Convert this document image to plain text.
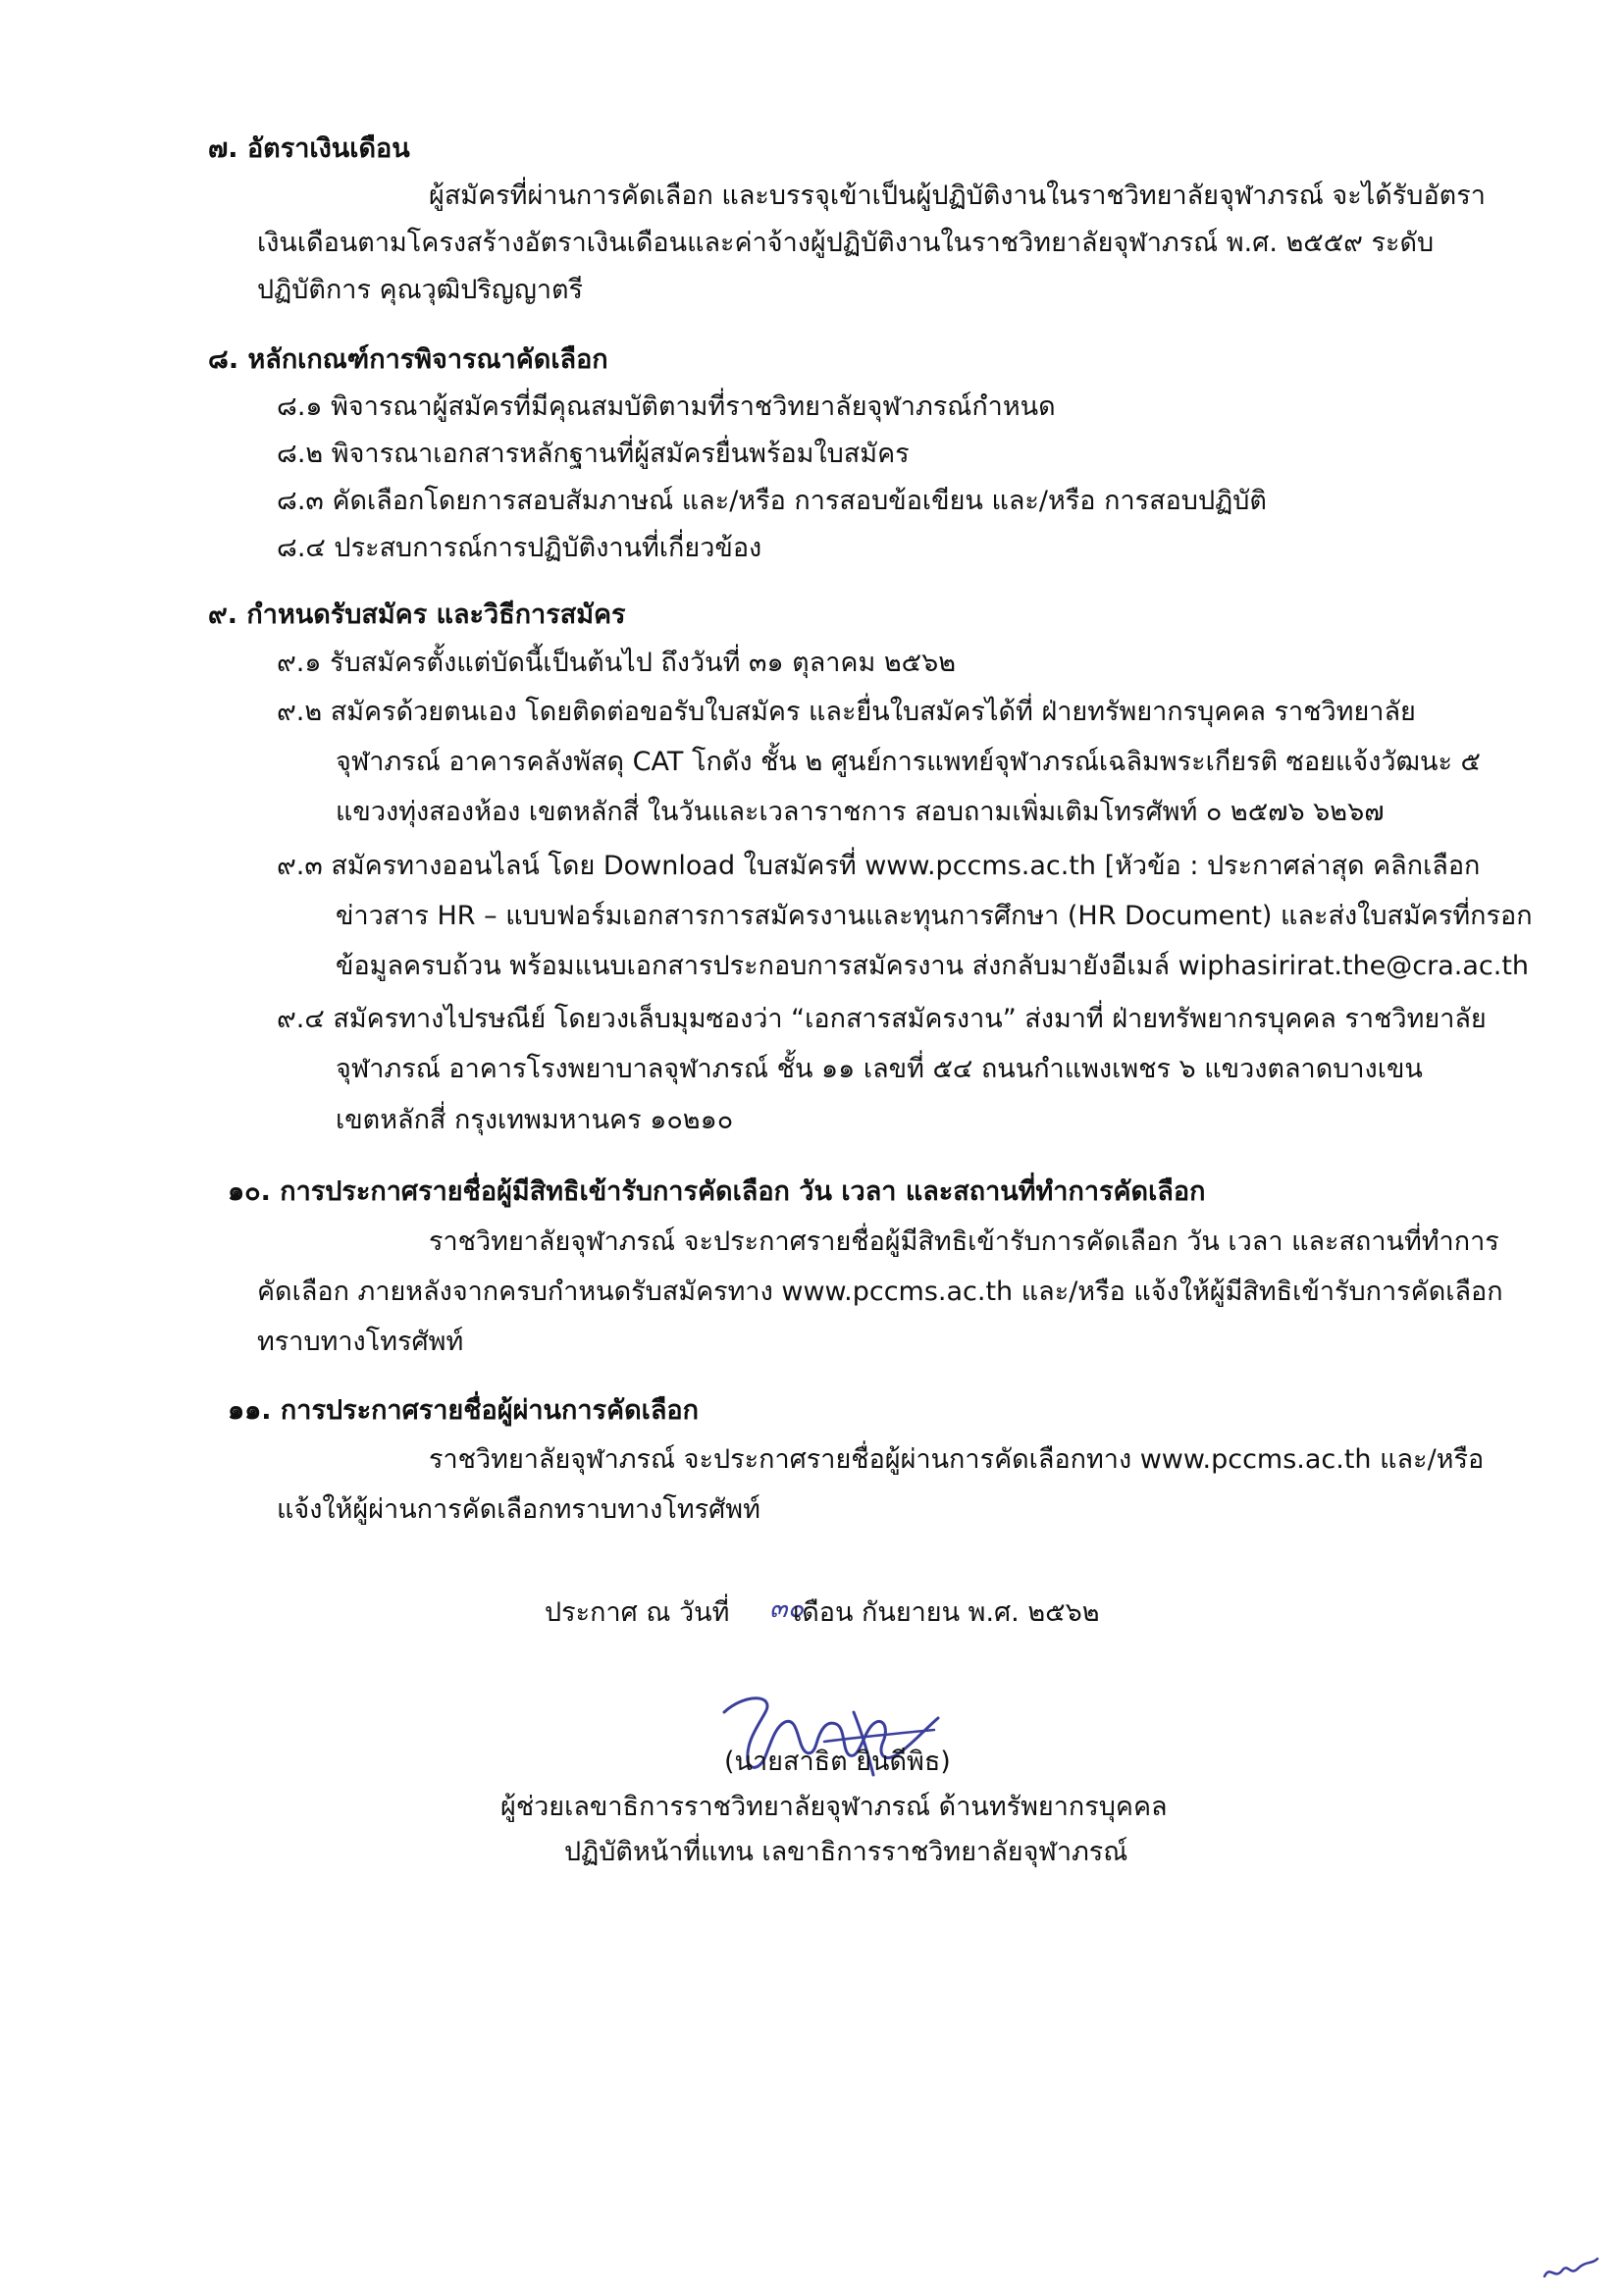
๗. อัตราเงินเดือน
ผู้สมัครที่ผ่านการคัดเลือก และบรรจุเข้าเป็นผู้ปฏิบัติงานในราชวิทยาลัยจุฬาภรณ์ จะได้รับอัตรา
เงินเดือนตามโครงสร้างอัตราเงินเดือนและค่าจ้างผู้ปฏิบัติงานในราชวิทยาลัยจุฬาภรณ์ พ.ศ. ๒๕๕๙ ระดับ
ปฏิบัติการ คุณวุฒิปริญญาตรี
๘. หลักเกณฑ์การพิจารณาคัดเลือก
๘.๑ พิจารณาผู้สมัครที่มีคุณสมบัติตามที่ราชวิทยาลัยจุฬาภรณ์กำหนด
๘.๒ พิจารณาเอกสารหลักฐานที่ผู้สมัครยื่นพร้อมใบสมัคร
๘.๓ คัดเลือกโดยการสอบสัมภาษณ์ และ/หรือ การสอบข้อเขียน และ/หรือ การสอบปฏิบัติ
๘.๔ ประสบการณ์การปฏิบัติงานที่เกี่ยวข้อง
๙. กำหนดรับสมัคร และวิธีการสมัคร
๙.๑ รับสมัครตั้งแต่บัดนี้เป็นต้นไป ถึงวันที่ ๓๑ ตุลาคม ๒๕๖๒
๙.๒ สมัครด้วยตนเอง โดยติดต่อขอรับใบสมัคร และยื่นใบสมัครได้ที่ ฝ่ายทรัพยากรบุคคล ราชวิทยาลัย
จุฬาภรณ์ อาคารคลังพัสดุ CAT โกดัง ชั้น ๒ ศูนย์การแพทย์จุฬาภรณ์เฉลิมพระเกียรติ ซอยแจ้งวัฒนะ ๕
แขวงทุ่งสองห้อง เขตหลักสี่ ในวันและเวลาราชการ สอบถามเพิ่มเติมโทรศัพท์ ๐ ๒๕๗๖ ๖๒๖๗
๙.๓ สมัครทางออนไลน์ โดย Download ใบสมัครที่ www.pccms.ac.th [หัวข้อ : ประกาศล่าสุด คลิกเลือก
ข่าวสาร HR – แบบฟอร์มเอกสารการสมัครงานและทุนการศึกษา (HR Document) และส่งใบสมัครที่กรอก
ข้อมูลครบถ้วน พร้อมแนบเอกสารประกอบการสมัครงาน ส่งกลับมายังอีเมล์ wiphasirirat.the@cra.ac.th
๙.๔ สมัครทางไปรษณีย์ โดยวงเล็บมุมซองว่า “เอกสารสมัครงาน” ส่งมาที่ ฝ่ายทรัพยากรบุคคล ราชวิทยาลัย
จุฬาภรณ์ อาคารโรงพยาบาลจุฬาภรณ์ ชั้น ๑๑ เลขที่ ๕๔ ถนนกำแพงเพชร ๖ แขวงตลาดบางเขน
เขตหลักสี่ กรุงเทพมหานคร ๑๐๒๑๐
๑๐. การประกาศรายชื่อผู้มีสิทธิเข้ารับการคัดเลือก วัน เวลา และสถานที่ทำการคัดเลือก
ราชวิทยาลัยจุฬาภรณ์ จะประกาศรายชื่อผู้มีสิทธิเข้ารับการคัดเลือก วัน เวลา และสถานที่ทำการ
คัดเลือก ภายหลังจากครบกำหนดรับสมัครทาง www.pccms.ac.th และ/หรือ แจ้งให้ผู้มีสิทธิเข้ารับการคัดเลือก
ทราบทางโทรศัพท์
๑๑. การประกาศรายชื่อผู้ผ่านการคัดเลือก
ราชวิทยาลัยจุฬาภรณ์ จะประกาศรายชื่อผู้ผ่านการคัดเลือกทาง www.pccms.ac.th และ/หรือ
แจ้งให้ผู้ผ่านการคัดเลือกทราบทางโทรศัพท์
ประกาศ ณ วันที่ ๓๐
เดือน กันยายน พ.ศ. ๒๕๖๒
(นายสาธิต ยินดีพิธ)
ผู้ช่วยเลขาธิการราชวิทยาลัยจุฬาภรณ์ ด้านทรัพยากรบุคคล
ปฏิบัติหน้าที่แทน เลขาธิการราชวิทยาลัยจุฬาภรณ์
